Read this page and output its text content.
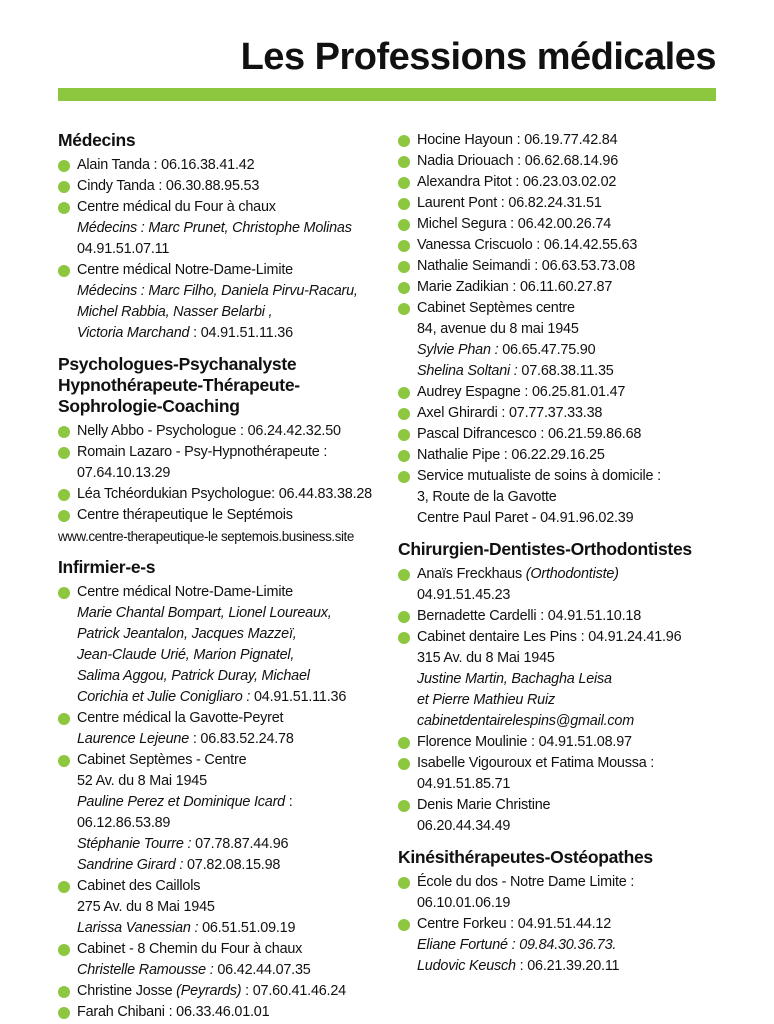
Les Professions médicales
Médecins
Alain Tanda : 06.16.38.41.42
Cindy Tanda : 06.30.88.95.53
Centre médical du Four à chaux
Médecins : Marc Prunet, Christophe Molinas
04.91.51.07.11
Centre médical Notre-Dame-Limite
Médecins : Marc Filho, Daniela Pirvu-Racaru,
Michel Rabbia, Nasser Belarbi ,
Victoria Marchand : 04.91.51.11.36
Psychologues-Psychanalyste
Hypnothérapeute-Thérapeute-
Sophrologie-Coaching
Nelly Abbo - Psychologue : 06.24.42.32.50
Romain Lazaro - Psy-Hypnothérapeute :
07.64.10.13.29
Léa Tchéordukian Psychologue: 06.44.83.38.28
Centre thérapeutique le Septémois
www.centre-therapeutique-le septemois.business.site
Infirmier-e-s
Centre médical Notre-Dame-Limite
Marie Chantal Bompart, Lionel Loureaux,
Patrick Jeantalon, Jacques Mazzeï,
Jean-Claude Urié, Marion Pignatel,
Salima Aggou, Patrick Duray, Michael
Corichia et Julie Conigliaro : 04.91.51.11.36
Centre médical la Gavotte-Peyret
Laurence Lejeune : 06.83.52.24.78
Cabinet Septèmes - Centre
52 Av. du 8 Mai 1945
Pauline Perez et Dominique Icard :
06.12.86.53.89
Stéphanie Tourre : 07.78.87.44.96
Sandrine Girard : 07.82.08.15.98
Cabinet des Caillols
275 Av. du 8 Mai 1945
Larissa Vanessian : 06.51.51.09.19
Cabinet - 8 Chemin du Four à chaux
Christelle Ramousse : 06.42.44.07.35
Christine Josse (Peyrards) : 07.60.41.46.24
Farah Chibani : 06.33.46.01.01
Hocine Hayoun : 06.19.77.42.84
Nadia Driouach : 06.62.68.14.96
Alexandra Pitot : 06.23.03.02.02
Laurent Pont : 06.82.24.31.51
Michel Segura : 06.42.00.26.74
Vanessa Criscuolo : 06.14.42.55.63
Nathalie Seimandi : 06.63.53.73.08
Marie Zadikian : 06.11.60.27.87
Cabinet Septèmes centre
84, avenue du 8 mai 1945
Sylvie Phan : 06.65.47.75.90
Shelina Soltani : 07.68.38.11.35
Audrey Espagne : 06.25.81.01.47
Axel Ghirardi : 07.77.37.33.38
Pascal Difrancesco : 06.21.59.86.68
Nathalie Pipe : 06.22.29.16.25
Service mutualiste de soins à domicile :
3, Route de la Gavotte
Centre Paul Paret - 04.91.96.02.39
Chirurgien-Dentistes-Orthodontistes
Anaïs Freckhaus (Orthodontiste)
04.91.51.45.23
Bernadette Cardelli : 04.91.51.10.18
Cabinet dentaire Les Pins : 04.91.24.41.96
315 Av. du 8 Mai 1945
Justine Martin, Bachagha Leisa
et Pierre Mathieu Ruiz
cabinetdentairelespins@gmail.com
Florence Moulinie : 04.91.51.08.97
Isabelle Vigouroux et Fatima Moussa :
04.91.51.85.71
Denis Marie Christine
06.20.44.34.49
Kinésithérapeutes-Ostéopathes
École du dos - Notre Dame Limite :
06.10.01.06.19
Centre Forkeu : 04.91.51.44.12
Eliane Fortuné : 09.84.30.36.73.
Ludovic Keusch : 06.21.39.20.11
